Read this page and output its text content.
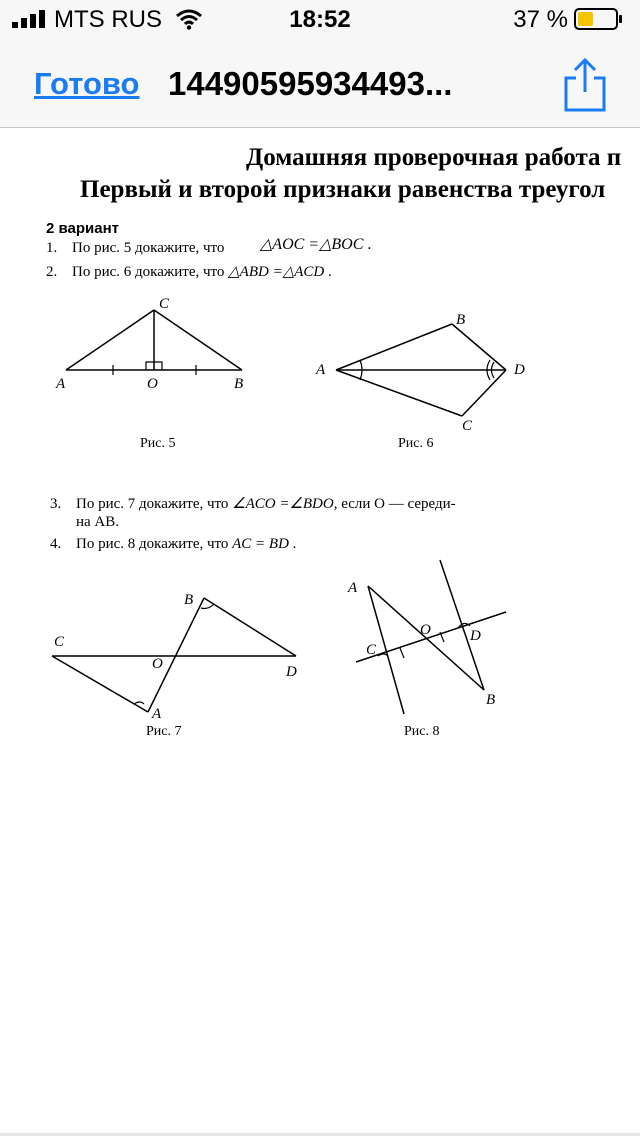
MTS RUS	18:52	37 %
Готово 14490595934493...
Домашняя проверочная работа п
Первый и второй признаки равенства треугол
2 вариант
1. По рис. 5 докажите, что △AOC =△BOC .
2. По рис. 6 докажите, что △ABD =△ACD .
A	O	B
C
Рис. 5
A
B
C
D
Рис. 6
3. По рис. 7 докажите, что ∠ACO =∠BDO, если O — середи-
на AB.
4. По рис. 8 докажите, что AC = BD .
C
O
B
A
D
Рис. 7
A
C
O	D
B
Рис. 8
